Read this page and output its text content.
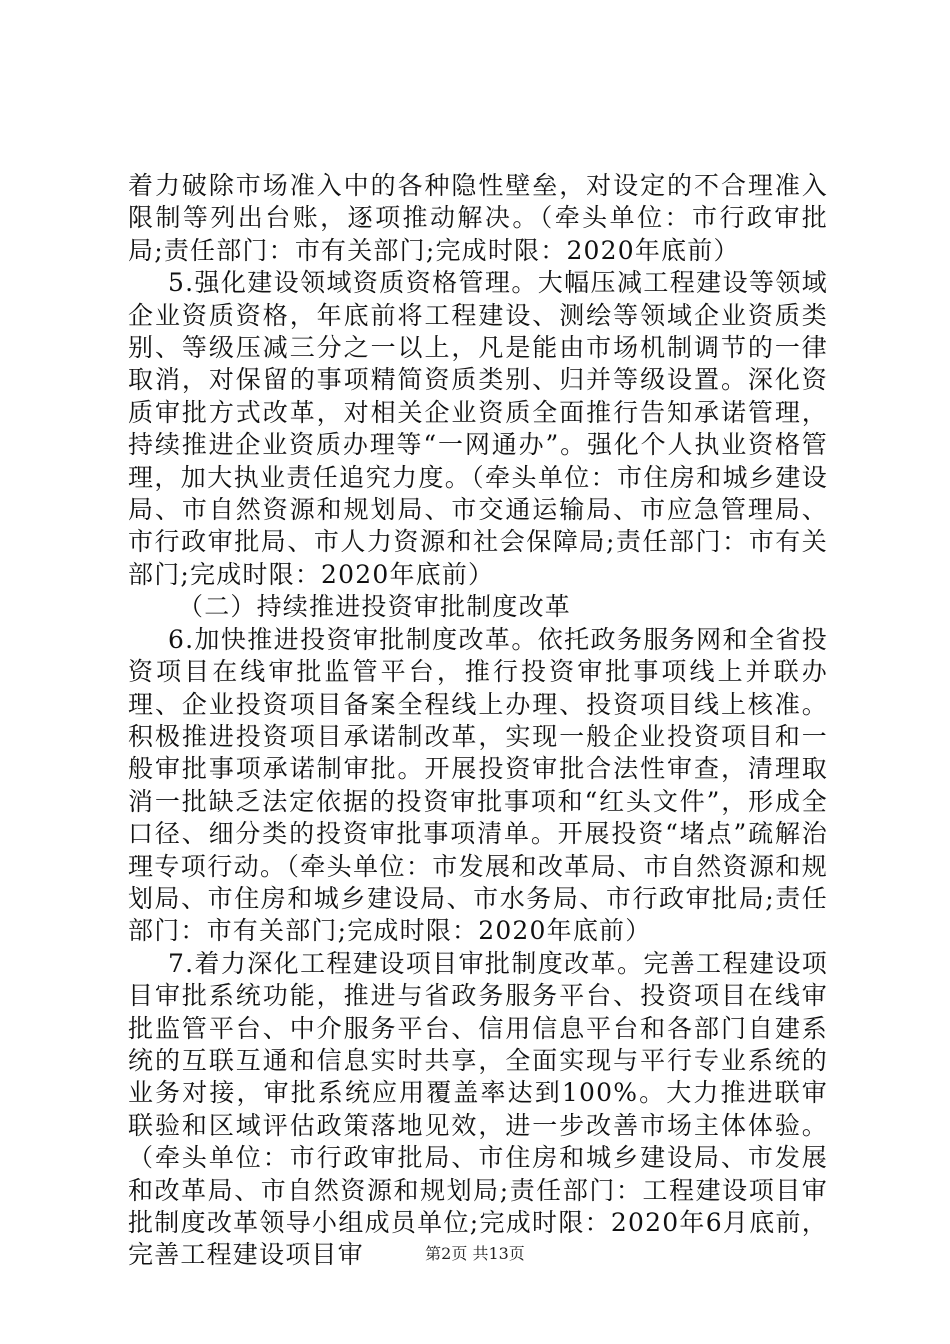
着力破除市场准入中的各种隐性壁垒，对设定的不合理准入限制等列出台账，逐项推动解决。（牵头单位：市行政审批局;责任部门：市有关部门;完成时限：2020年底前）

5.强化建设领域资质资格管理。大幅压减工程建设等领域企业资质资格，年底前将工程建设、测绘等领域企业资质类别、等级压减三分之一以上，凡是能由市场机制调节的一律取消，对保留的事项精简资质类别、归并等级设置。深化资质审批方式改革，对相关企业资质全面推行告知承诺管理，持续推进企业资质办理等“一网通办”。强化个人执业资格管理，加大执业责任追究力度。（牵头单位：市住房和城乡建设局、市自然资源和规划局、市交通运输局、市应急管理局、市行政审批局、市人力资源和社会保障局;责任部门：市有关部门;完成时限：2020年底前）

（二）持续推进投资审批制度改革

6.加快推进投资审批制度改革。依托政务服务网和全省投资项目在线审批监管平台，推行投资审批事项线上并联办理、企业投资项目备案全程线上办理、投资项目线上核准。积极推进投资项目承诺制改革，实现一般企业投资项目和一般审批事项承诺制审批。开展投资审批合法性审查，清理取消一批缺乏法定依据的投资审批事项和“红头文件”，形成全口径、细分类的投资审批事项清单。开展投资“堵点”疏解治理专项行动。（牵头单位：市发展和改革局、市自然资源和规划局、市住房和城乡建设局、市水务局、市行政审批局;责任部门：市有关部门;完成时限：2020年底前）

7.着力深化工程建设项目审批制度改革。完善工程建设项目审批系统功能，推进与省政务服务平台、投资项目在线审批监管平台、中介服务平台、信用信息平台和各部门自建系统的互联互通和信息实时共享，全面实现与平行专业系统的业务对接，审批系统应用覆盖率达到100%。大力推进联审联验和区域评估政策落地见效，进一步改善市场主体体验。（牵头单位：市行政审批局、市住房和城乡建设局、市发展和改革局、市自然资源和规划局;责任部门：工程建设项目审批制度改革领导小组成员单位;完成时限：2020年6月底前，完善工程建设项目审	第2页 共13页
